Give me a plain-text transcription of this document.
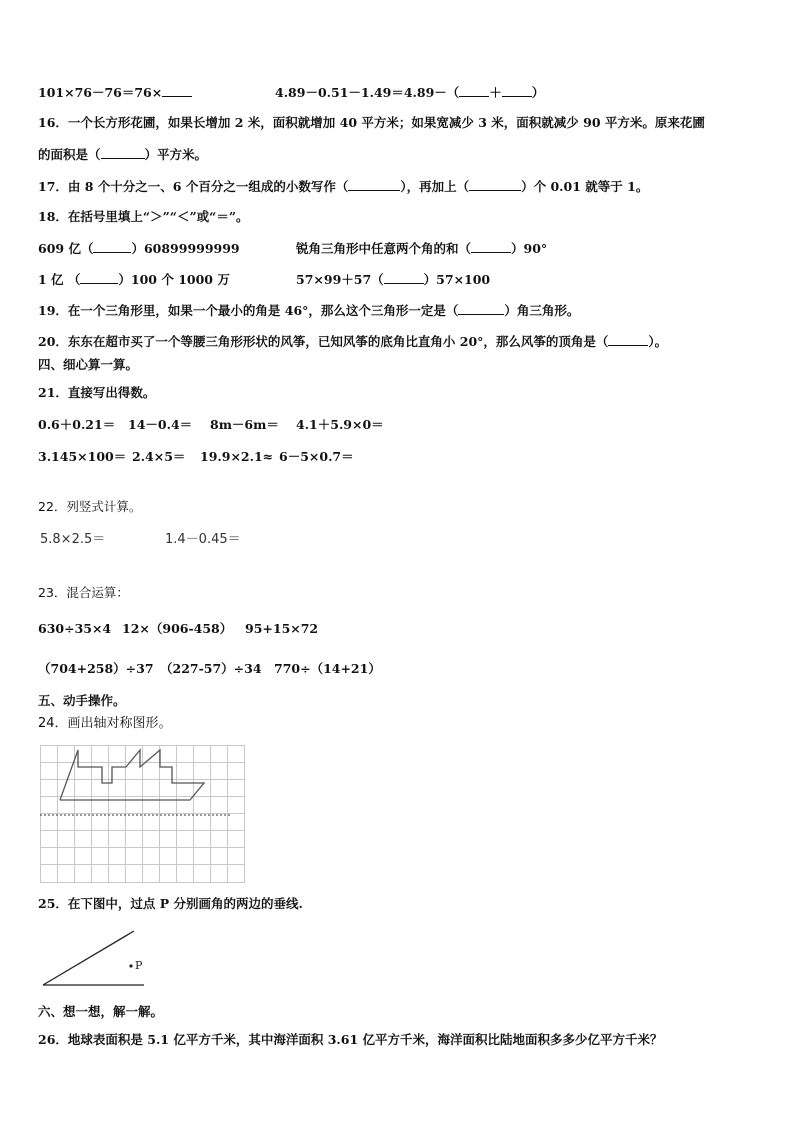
101×76－76＝76×	4.89－0.51－1.49＝4.89－（ ＋ ）
16．一个长方形花圃，如果长增加 2 米，面积就增加 40 平方米；如果宽减少 3 米，面积就减少 90 平方米。原来花圃
的面积是（	）平方米。
17．由 8 个十分之一、6 个百分之一组成的小数写作（	），再加上（	）个 0.01 就等于 1。
18．在括号里填上“＞”“＜”或“＝”。
609 亿（	）60899999999	锐角三角形中任意两个角的和（	）90°
1 亿 （	）100 个 1000 万	57×99＋57（	）57×100
19．在一个三角形里，如果一个最小的角是 46°，那么这个三角形一定是（	）角三角形。
20．东东在超市买了一个等腰三角形形状的风筝，已知风筝的底角比直角小 20°，那么风筝的顶角是（	）。
四、细心算一算。
21．直接写出得数。
0.6＋0.21＝ 14－0.4＝ 8m－6m＝ 4.1＋5.9×0＝
3.145×100＝ 2.4×5＝ 19.9×2.1≈ 6－5×0.7＝
22．列竖式计算。
5.8×2.5＝	1.4－0.45＝
23．混合运算：
630÷35×4 12×（906-458） 95+15×72
（704+258）÷37 （227-57）÷34 770÷（14+21）
五、动手操作。
24．画出轴对称图形。
25．在下图中，过点 P 分别画角的两边的垂线.
P
六、想一想，解一解。
26．地球表面积是 5.1 亿平方千米，其中海洋面积 3.61 亿平方千米，海洋面积比陆地面积多多少亿平方千米？
